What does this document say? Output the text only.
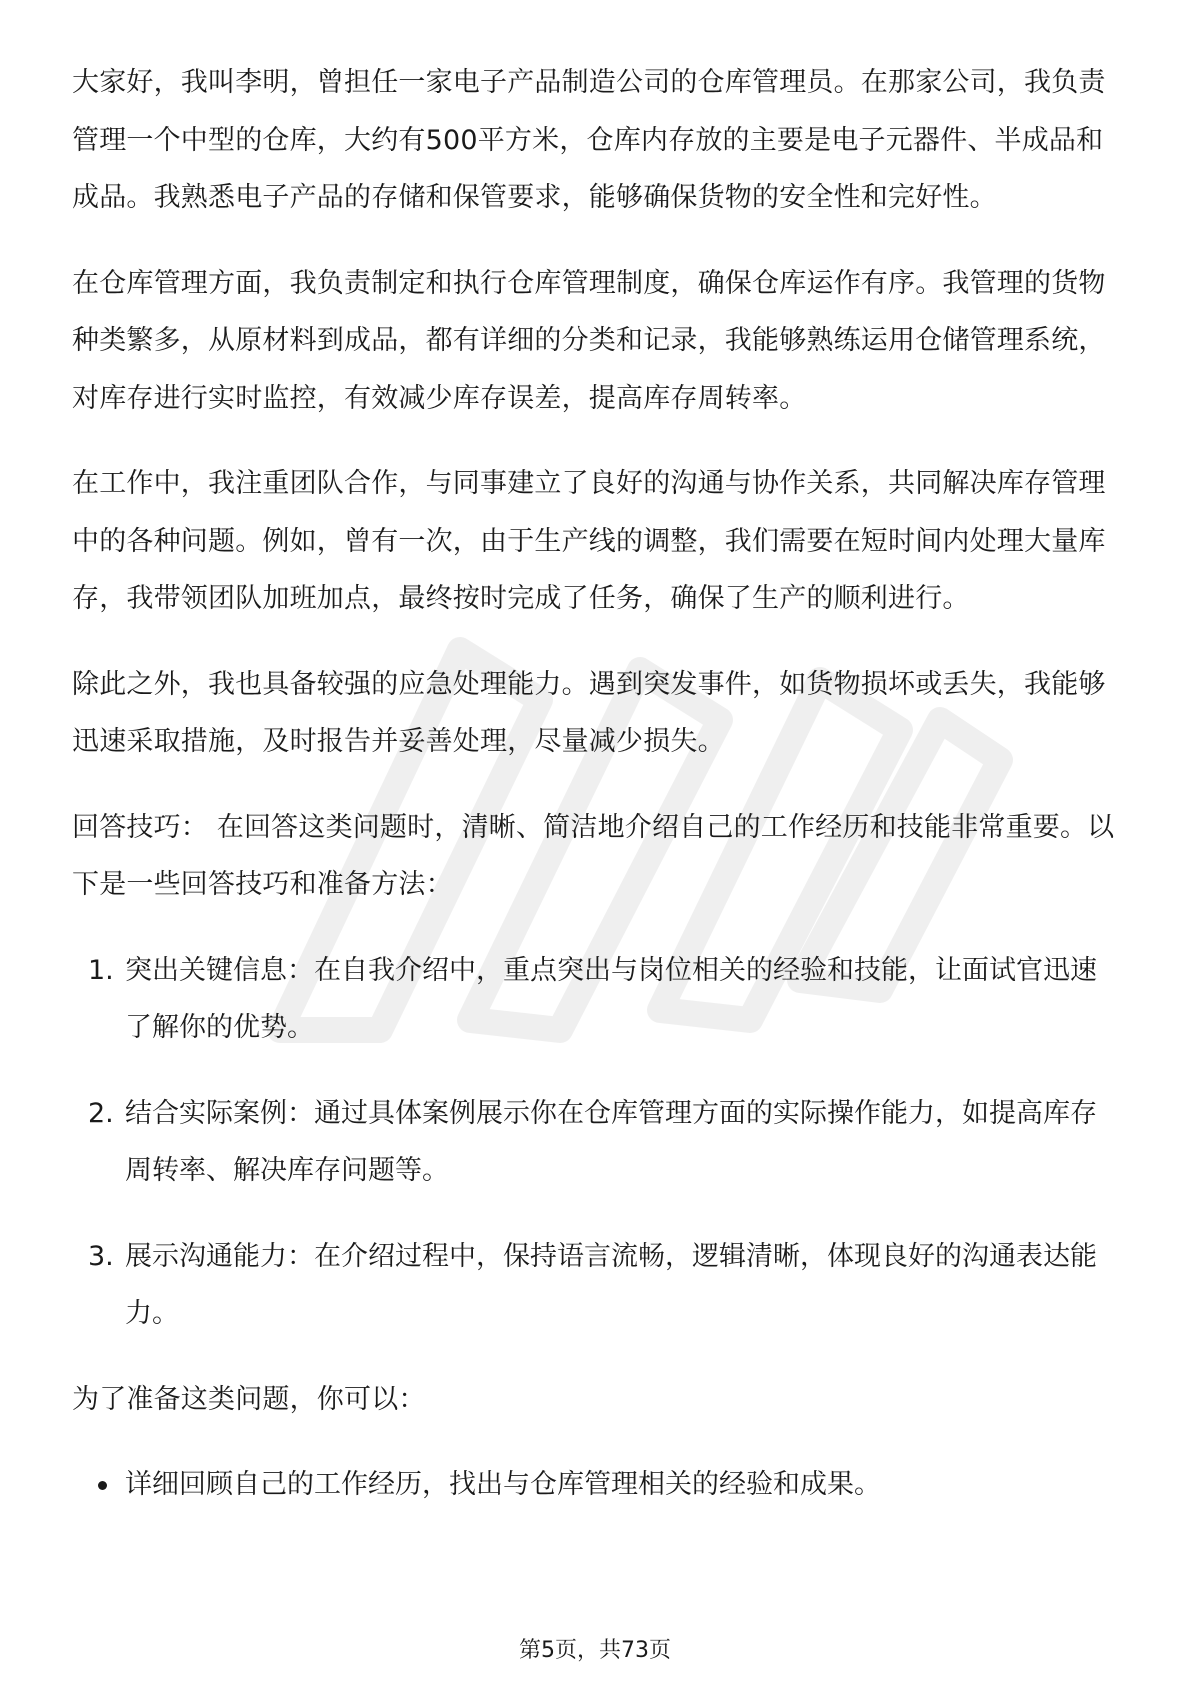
大家好，我叫李明，曾担任一家电子产品制造公司的仓库管理员。在那家公司，我负责管理一个中型的仓库，大约有500平方米，仓库内存放的主要是电子元器件、半成品和成品。我熟悉电子产品的存储和保管要求，能够确保货物的安全性和完好性。

在仓库管理方面，我负责制定和执行仓库管理制度，确保仓库运作有序。我管理的货物种类繁多，从原材料到成品，都有详细的分类和记录，我能够熟练运用仓储管理系统，对库存进行实时监控，有效减少库存误差，提高库存周转率。

在工作中，我注重团队合作，与同事建立了良好的沟通与协作关系，共同解决库存管理中的各种问题。例如，曾有一次，由于生产线的调整，我们需要在短时间内处理大量库存，我带领团队加班加点，最终按时完成了任务，确保了生产的顺利进行。

除此之外，我也具备较强的应急处理能力。遇到突发事件，如货物损坏或丢失，我能够迅速采取措施，及时报告并妥善处理，尽量减少损失。

回答技巧： 在回答这类问题时，清晰、简洁地介绍自己的工作经历和技能非常重要。以下是一些回答技巧和准备方法：

1. 突出关键信息：在自我介绍中，重点突出与岗位相关的经验和技能，让面试官迅速了解你的优势。
2. 结合实际案例：通过具体案例展示你在仓库管理方面的实际操作能力，如提高库存周转率、解决库存问题等。
3. 展示沟通能力：在介绍过程中，保持语言流畅，逻辑清晰，体现良好的沟通表达能力。

为了准备这类问题，你可以：

详细回顾自己的工作经历，找出与仓库管理相关的经验和成果。
第5页，共73页
